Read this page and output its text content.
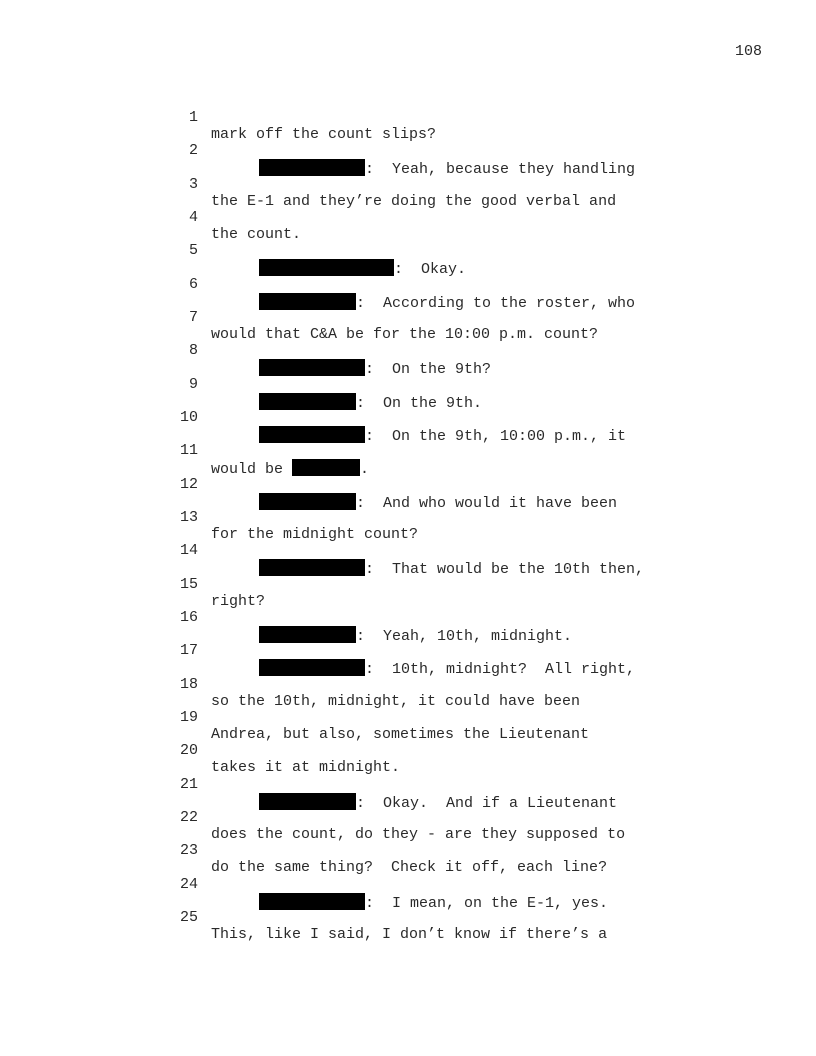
108

1

mark off the count slips?

2

:  Yeah, because they handling

3

the E-1 and they’re doing the good verbal and

4

the count.

5

:  Okay.

6

:  According to the roster, who

7

would that C&A be for the 10:00 p.m. count?

8

:  On the 9th?

9

:  On the 9th.

10

:  On the 9th, 10:00 p.m., it

11

would be	.

12

:  And who would it have been

13

for the midnight count?

14

:  That would be the 10th then,

15

right?

16

:  Yeah, 10th, midnight.

17

:  10th, midnight?  All right,

18

so the 10th, midnight, it could have been

19

Andrea, but also, sometimes the Lieutenant

20

takes it at midnight.

21

:  Okay.  And if a Lieutenant

22

does the count, do they - are they supposed to

23

do the same thing?  Check it off, each line?

24

:  I mean, on the E-1, yes.

25

This, like I said, I don’t know if there’s a
